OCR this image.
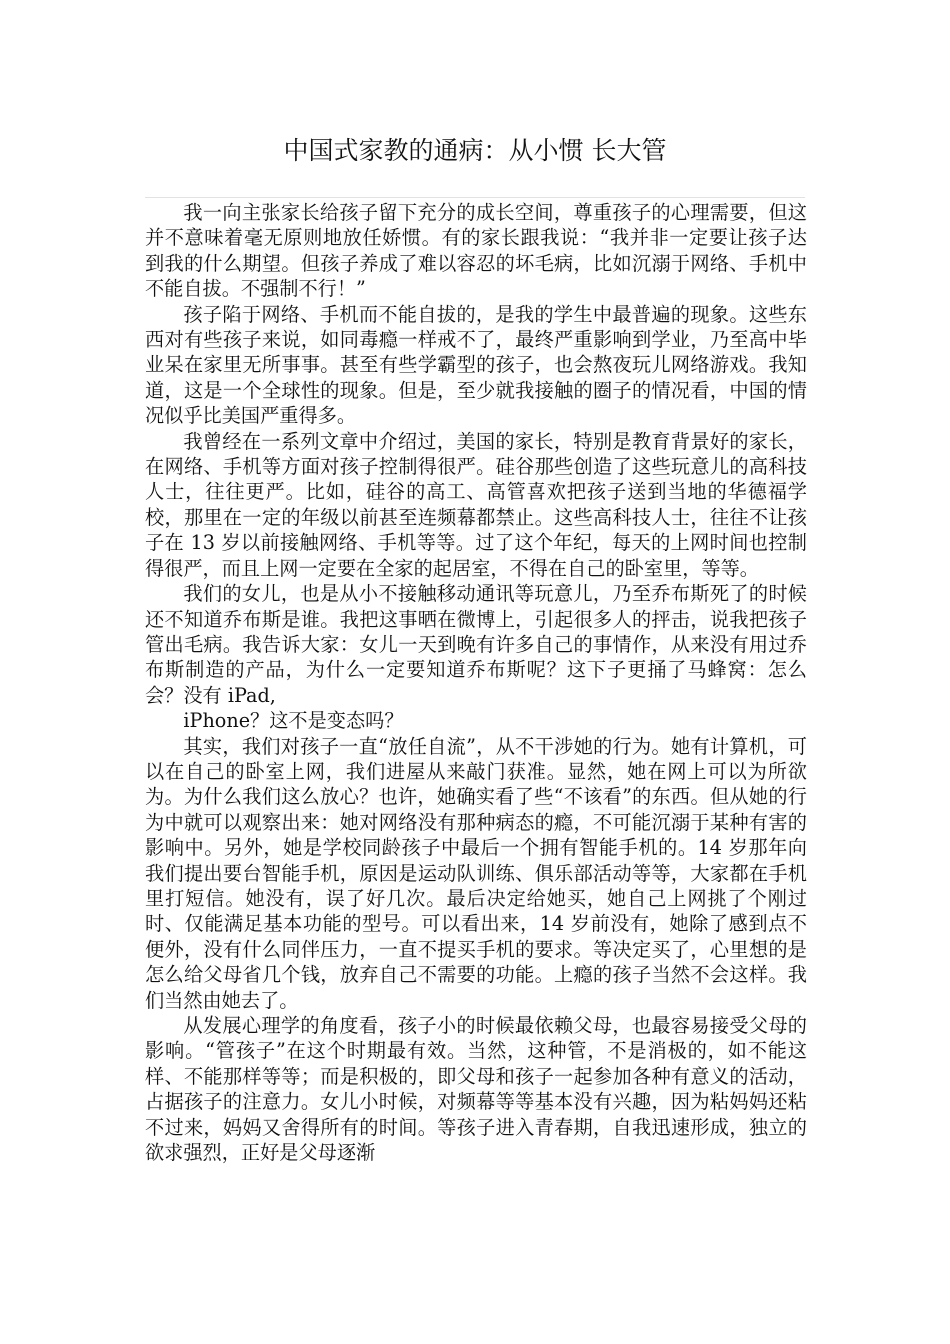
中国式家教的通病：从小惯 长大管

我一向主张家长给孩子留下充分的成长空间，尊重孩子的心理需要，但这并不意味着毫无原则地放任娇惯。有的家长跟我说：“我并非一定要让孩子达到我的什么期望。但孩子养成了难以容忍的坏毛病，比如沉溺于网络、手机中不能自拔。不强制不行！”

孩子陷于网络、手机而不能自拔的，是我的学生中最普遍的现象。这些东西对有些孩子来说，如同毒瘾一样戒不了，最终严重影响到学业，乃至高中毕业呆在家里无所事事。甚至有些学霸型的孩子，也会熬夜玩儿网络游戏。我知道，这是一个全球性的现象。但是，至少就我接触的圈子的情况看，中国的情况似乎比美国严重得多。

我曾经在一系列文章中介绍过，美国的家长，特别是教育背景好的家长，在网络、手机等方面对孩子控制得很严。硅谷那些创造了这些玩意儿的高科技人士，往往更严。比如，硅谷的高工、高管喜欢把孩子送到当地的华德福学校，那里在一定的年级以前甚至连频幕都禁止。这些高科技人士，往往不让孩子在 13 岁以前接触网络、手机等等。过了这个年纪，每天的上网时间也控制得很严，而且上网一定要在全家的起居室，不得在自己的卧室里，等等。

我们的女儿，也是从小不接触移动通讯等玩意儿，乃至乔布斯死了的时候还不知道乔布斯是谁。我把这事晒在微博上，引起很多人的抨击，说我把孩子管出毛病。我告诉大家：女儿一天到晚有许多自己的事情作，从来没有用过乔布斯制造的产品，为什么一定要知道乔布斯呢？这下子更捅了马蜂窝：怎么会？没有 iPad,

iPhone？这不是变态吗？

其实，我们对孩子一直“放任自流”，从不干涉她的行为。她有计算机，可以在自己的卧室上网，我们进屋从来敲门获准。显然，她在网上可以为所欲为。为什么我们这么放心？也许，她确实看了些“不该看”的东西。但从她的行为中就可以观察出来：她对网络没有那种病态的瘾，不可能沉溺于某种有害的影响中。另外，她是学校同龄孩子中最后一个拥有智能手机的。14 岁那年向我们提出要台智能手机，原因是运动队训练、俱乐部活动等等，大家都在手机里打短信。她没有，误了好几次。最后决定给她买，她自己上网挑了个刚过时、仅能满足基本功能的型号。可以看出来，14 岁前没有，她除了感到点不便外，没有什么同伴压力，一直不提买手机的要求。等决定买了，心里想的是怎么给父母省几个钱，放弃自己不需要的功能。上瘾的孩子当然不会这样。我们当然由她去了。

从发展心理学的角度看，孩子小的时候最依赖父母，也最容易接受父母的影响。“管孩子”在这个时期最有效。当然，这种管，不是消极的，如不能这样、不能那样等等；而是积极的，即父母和孩子一起参加各种有意义的活动，占据孩子的注意力。女儿小时候，对频幕等等基本没有兴趣，因为粘妈妈还粘不过来，妈妈又舍得所有的时间。等孩子进入青春期，自我迅速形成，独立的欲求强烈，正好是父母逐渐
